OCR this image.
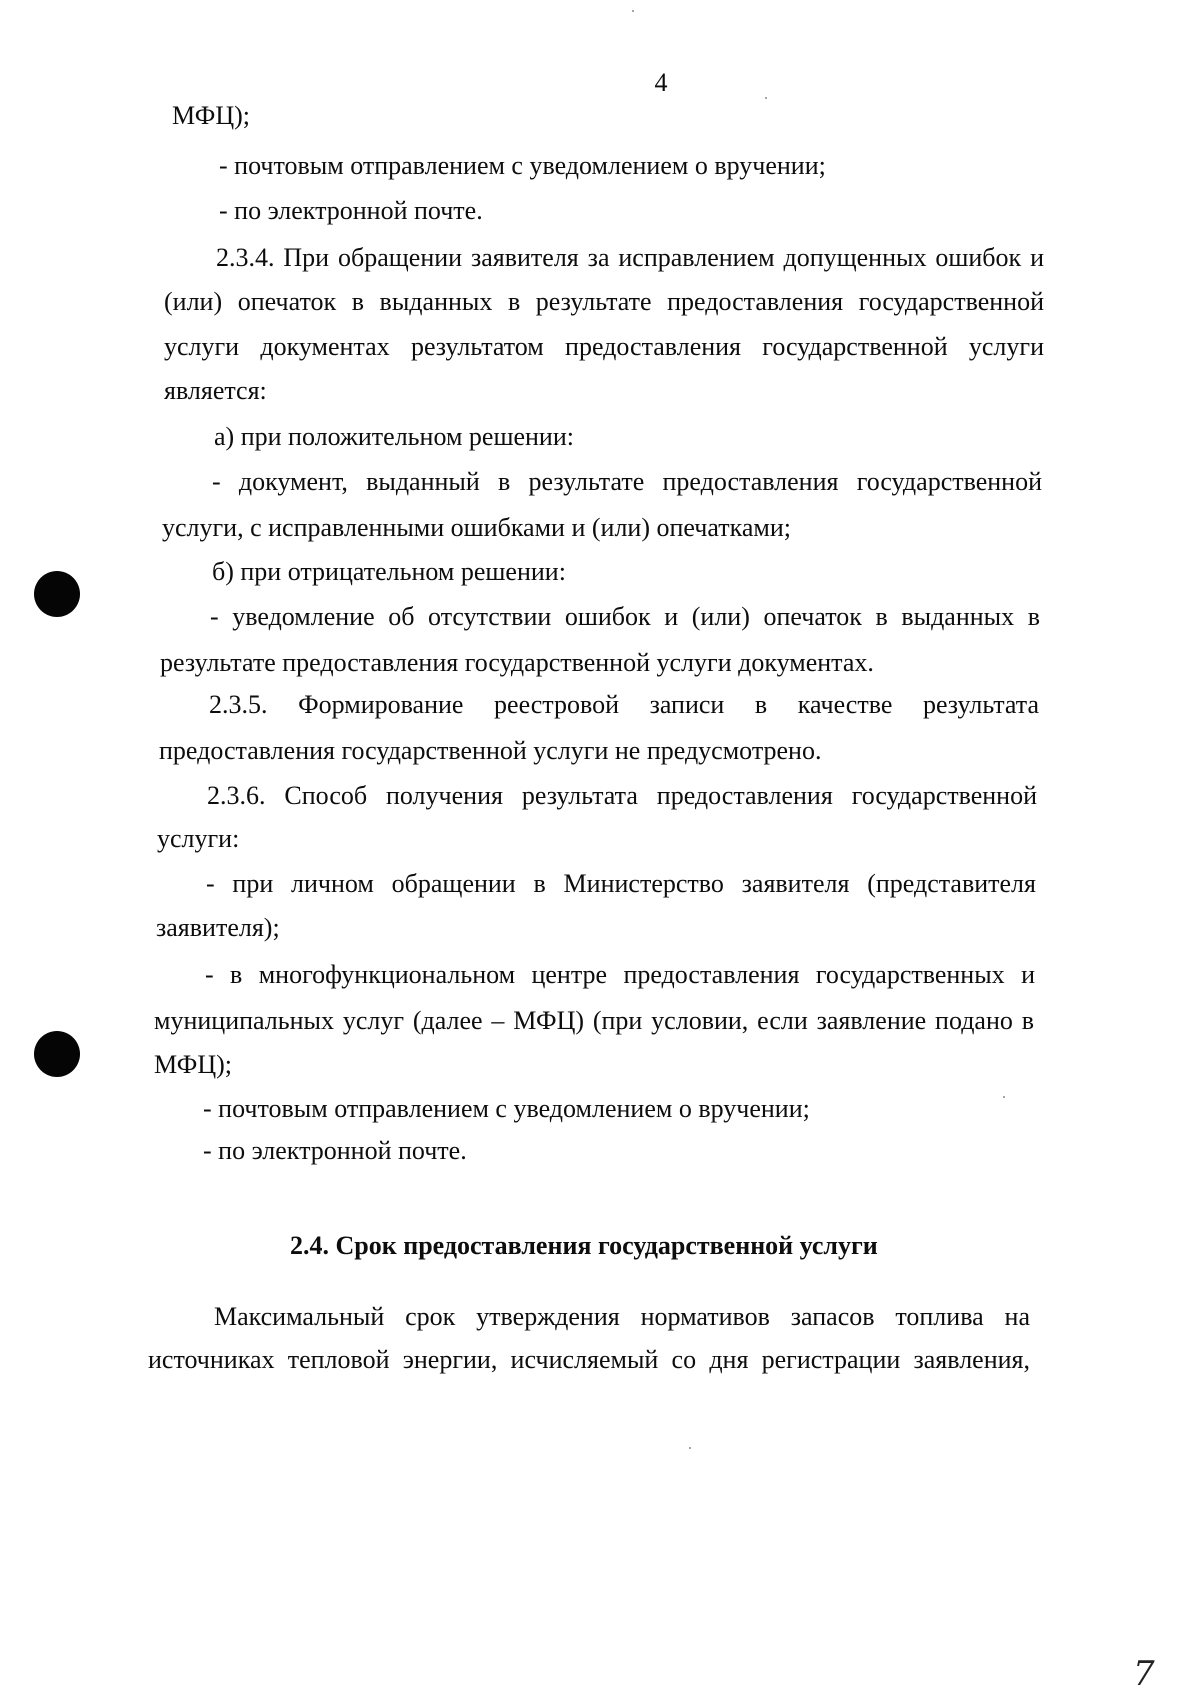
4
МФЦ);
- почтовым отправлением с уведомлением о вручении;
- по электронной почте.
2.3.4. При обращении заявителя за исправлением допущенных ошибок и
(или) опечаток в выданных в результате предоставления государственной
услуги документах результатом предоставления государственной услуги
является:
а) при положительном решении:
- документ, выданный в результате предоставления государственной
услуги, с исправленными ошибками и (или) опечатками;
б) при отрицательном решении:
- уведомление об отсутствии ошибок и (или) опечаток в выданных в
результате предоставления государственной услуги документах.
2.3.5. Формирование реестровой записи в качестве результата
предоставления государственной услуги не предусмотрено.
2.3.6. Способ получения результата предоставления государственной
услуги:
- при личном обращении в Министерство заявителя (представителя
заявителя);
- в многофункциональном центре предоставления государственных и
муниципальных услуг (далее – МФЦ) (при условии, если заявление подано в
МФЦ);
- почтовым отправлением с уведомлением о вручении;
- по электронной почте.
2.4. Срок предоставления государственной услуги
Максимальный срок утверждения нормативов запасов топлива на
источниках тепловой энергии, исчисляемый со дня регистрации заявления,
7
